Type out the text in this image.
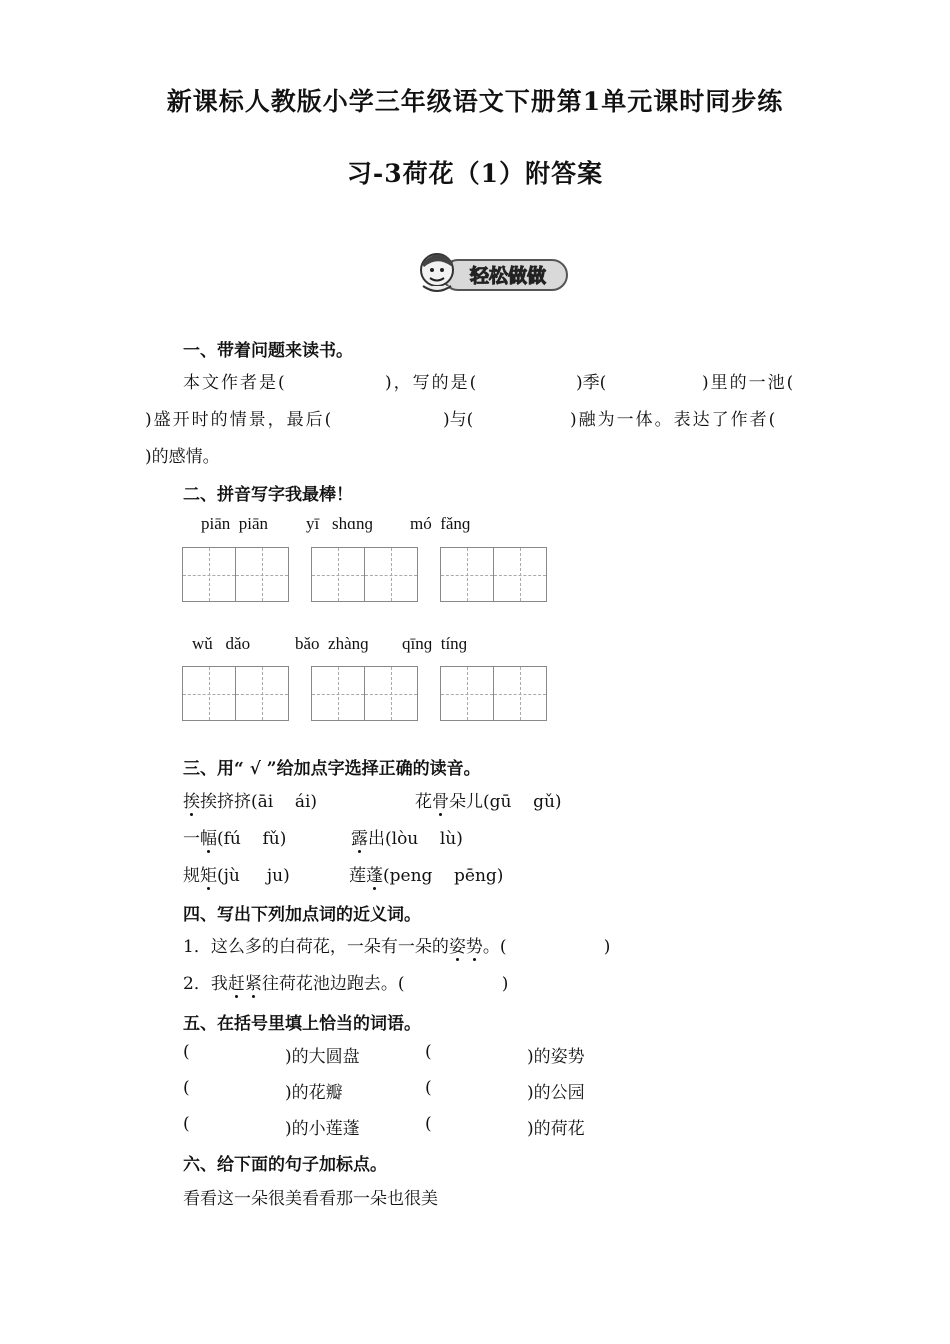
新课标人教版小学三年级语文下册第1单元课时同步练
习-3荷花（1）附答案
轻松做做
一、带着问题来读书。
本文作者是(	)，写的是(	)季(	)里的一池(
)盛开时的情景，最后(	)与(	)融为一体。表达了作者(
)的感情。
二、拼音写字我最棒！
piān  piān yī   shɑnɡ mó  fǎnɡ
wǔ   dǎo	bǎo  zhànɡ qīnɡ  tínɡ
三、用“ √ ”给加点字选择正确的读音。
挨挨挤挤(āi    ái)	花骨朵儿(gū    gǔ)
一幅(fú    fǔ)	露出(lòu    lù)
规矩(jù     ju)	莲蓬(peng    pēng)
四、写出下列加点词的近义词。
1．这么多的白荷花，一朵有一朵的姿势。(                  )
2．我赶紧往荷花池边跑去。(                  )
五、在括号里填上恰当的词语。
(	)的大圆盘	(	)的姿势
(	)的花瓣	(	)的公园
(	)的小莲蓬	(	)的荷花
六、给下面的句子加标点。
看看这一朵很美看看那一朵也很美
